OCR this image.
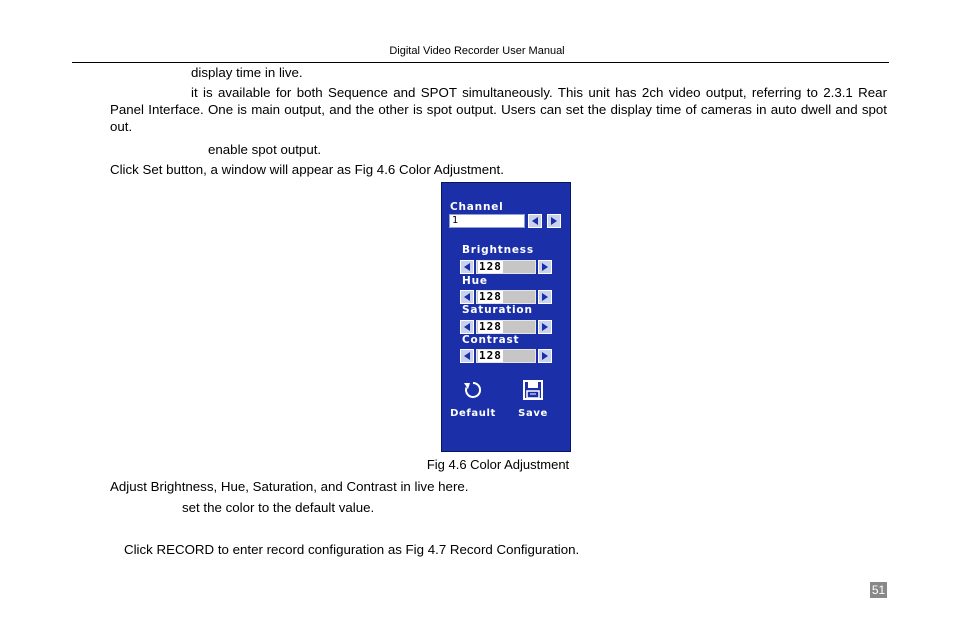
Digital Video Recorder User Manual
display time in live.
it is available for both Sequence and SPOT simultaneously. This unit has 2ch video output, referring to 2.3.1 Rear Panel Interface. One is main output, and the other is spot output. Users can set the display time of cameras in auto dwell and spot out.
enable spot output.
Click Set button, a window will appear as Fig 4.6 Color Adjustment.
Channel
1
Brightness
128
Hue
128
Saturation
128
Contrast
128
Default	Save
Fig 4.6 Color Adjustment
Adjust Brightness, Hue, Saturation, and Contrast in live here.
set the color to the default value.
Click RECORD to enter record configuration as Fig 4.7 Record Configuration.
51
